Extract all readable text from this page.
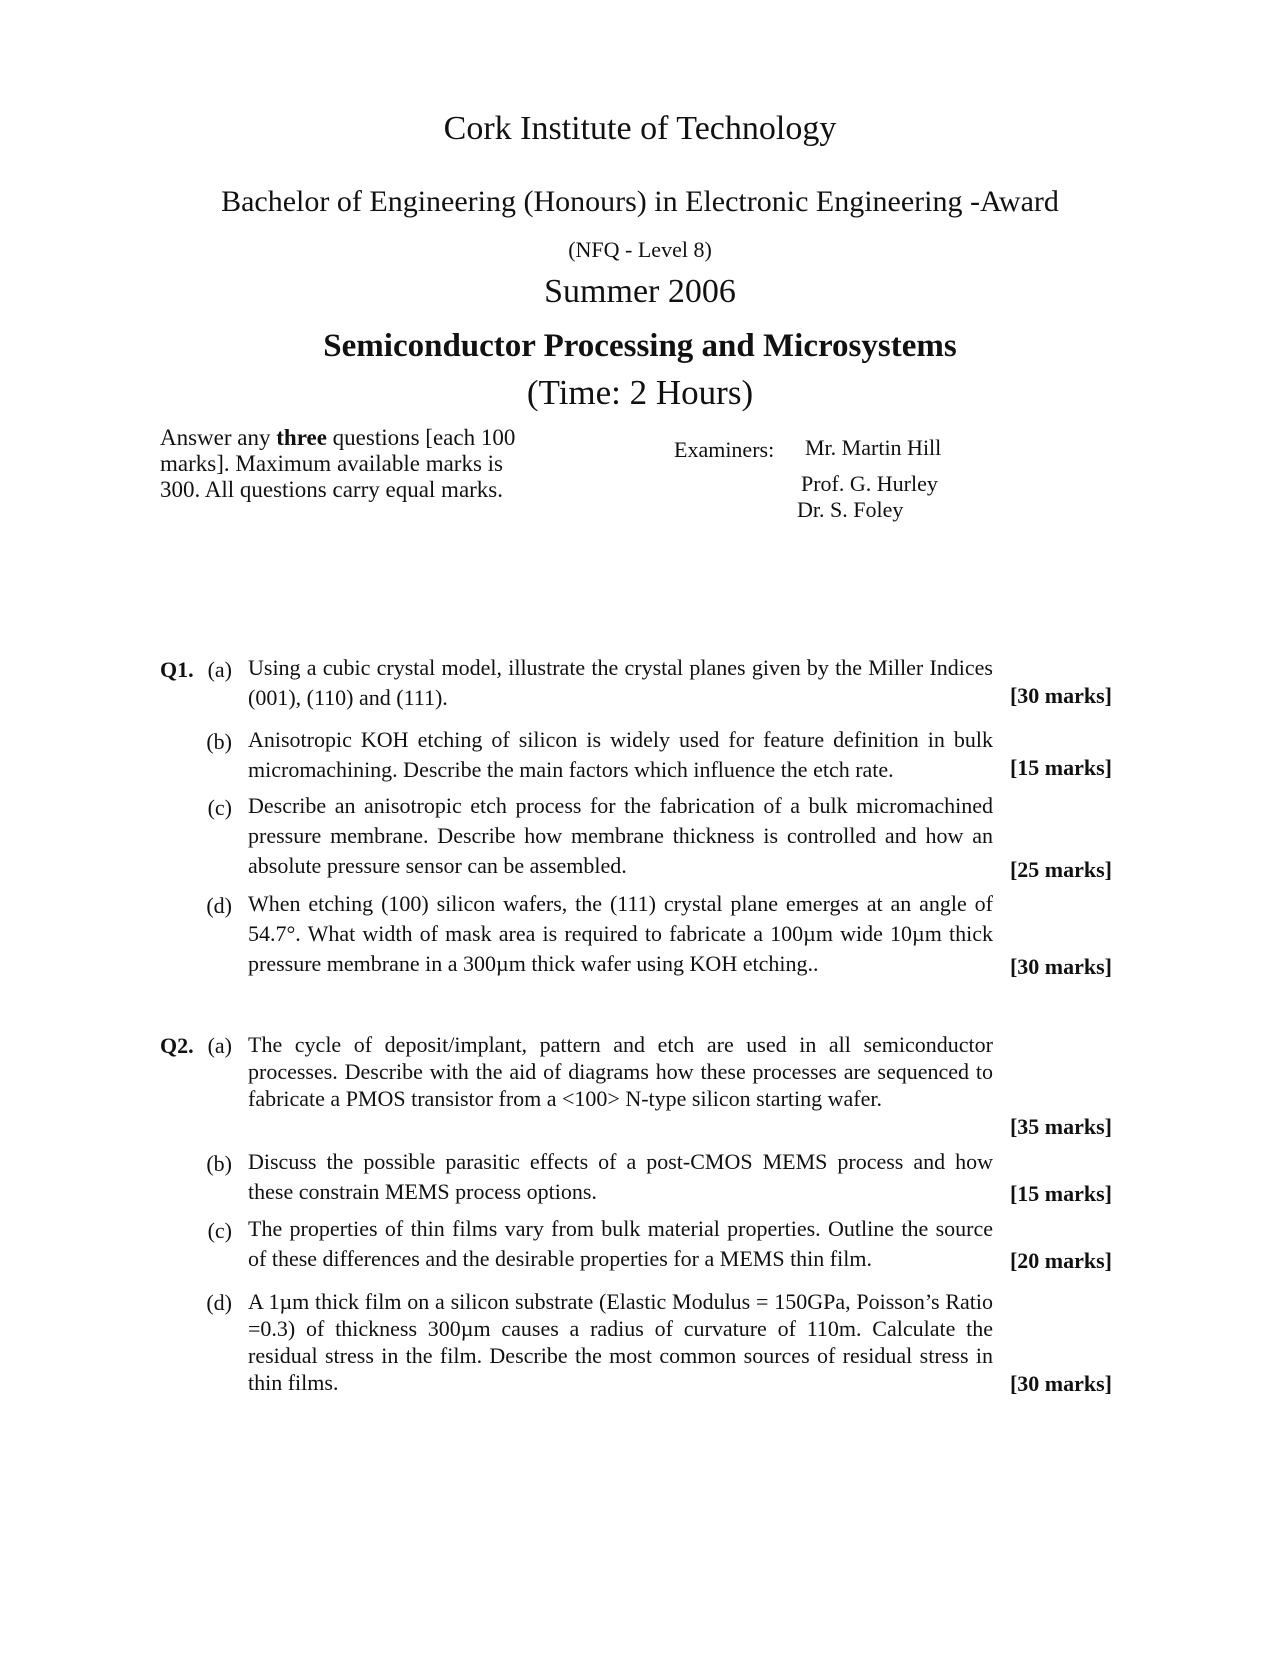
Cork Institute of Technology
Bachelor of Engineering (Honours) in Electronic Engineering -Award
(NFQ - Level 8)
Summer 2006
Semiconductor Processing and Microsystems
(Time: 2 Hours)
Answer any three questions [each 100 marks]. Maximum available marks is 300. All questions carry equal marks.
Examiners: Mr. Martin Hill
Prof. G. Hurley
Dr. S. Foley
Q1. (a) Using a cubic crystal model, illustrate the crystal planes given by the Miller Indices (001), (110) and (111).	[30 marks]
(b) Anisotropic KOH etching of silicon is widely used for feature definition in bulk micromachining. Describe the main factors which influence the etch rate.	[15 marks]
(c) Describe an anisotropic etch process for the fabrication of a bulk micromachined pressure membrane. Describe how membrane thickness is controlled and how an absolute pressure sensor can be assembled.	[25 marks]
(d) When etching (100) silicon wafers, the (111) crystal plane emerges at an angle of 54.7°. What width of mask area is required to fabricate a 100µm wide 10µm thick pressure membrane in a 300µm thick wafer using KOH etching..	[30 marks]
Q2. (a) The cycle of deposit/implant, pattern and etch are used in all semiconductor processes. Describe with the aid of diagrams how these processes are sequenced to fabricate a PMOS transistor from a <100> N-type silicon starting wafer.
[35 marks]
(b) Discuss the possible parasitic effects of a post-CMOS MEMS process and how these constrain MEMS process options.	[15 marks]
(c) The properties of thin films vary from bulk material properties. Outline the source of these differences and the desirable properties for a MEMS thin film.	[20 marks]
(d) A 1µm thick film on a silicon substrate (Elastic Modulus = 150GPa, Poisson’s Ratio =0.3) of thickness 300µm causes a radius of curvature of 110m. Calculate the residual stress in the film. Describe the most common sources of residual stress in thin films.	[30 marks]
